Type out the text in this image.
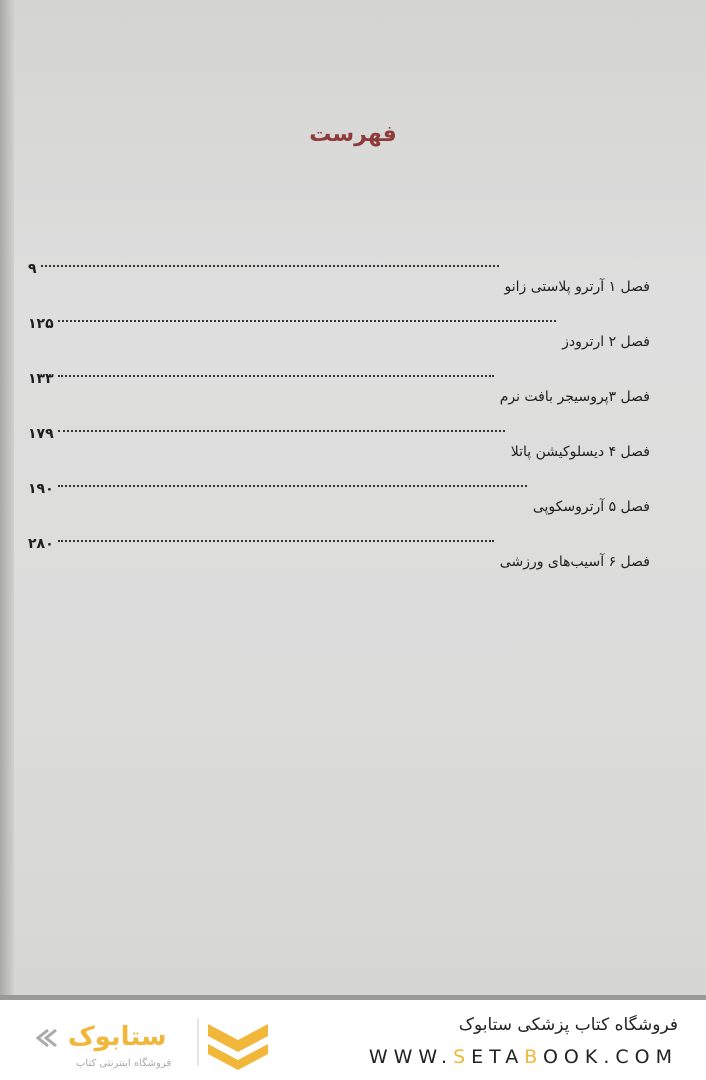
فهرست
فصل ۱ آرترو پلاستی زانو
۹
فصل ۲ ارترودز
۱۲۵
فصل ۳پروسیجر بافت نرم
۱۳۳
فصل ۴ دیسلوکیشن پاتلا
۱۷۹
فصل ۵ آرتروسکوپی
۱۹۰
فصل ۶ آسیب‌های ورزشی
۲۸۰
ستابوک
فروشگاه اینترنتی کتاب
فروشگاه کتاب پزشکی ستابوک
WWW.SETABOOK.COM
